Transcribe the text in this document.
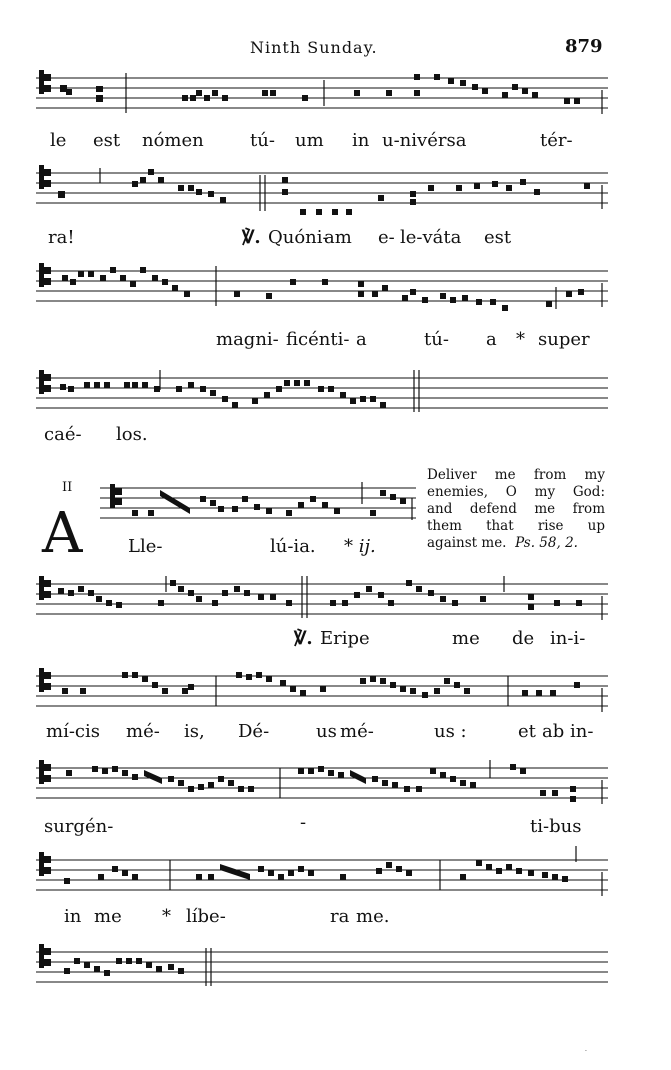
Ninth Sunday.	879
le est nómen	tú- um in u-nivérsa	tér-
ra!	℣. Quóni-
am e- le-váta est
magni- ficénti- a	tú- a * super
caé- los.
II
A	Lle-	lú-ia. * ij.
Deliver me from my
enemies, O my God:
and defend me from
them that rise up
against me. Ps. 58, 2.
℣. Eripe	me de in-i-
mí-cis mé- is, Dé-	us mé-	us :	et ab in-
surgén-	-	ti-bus
in me * líbe-	ra me.
.
